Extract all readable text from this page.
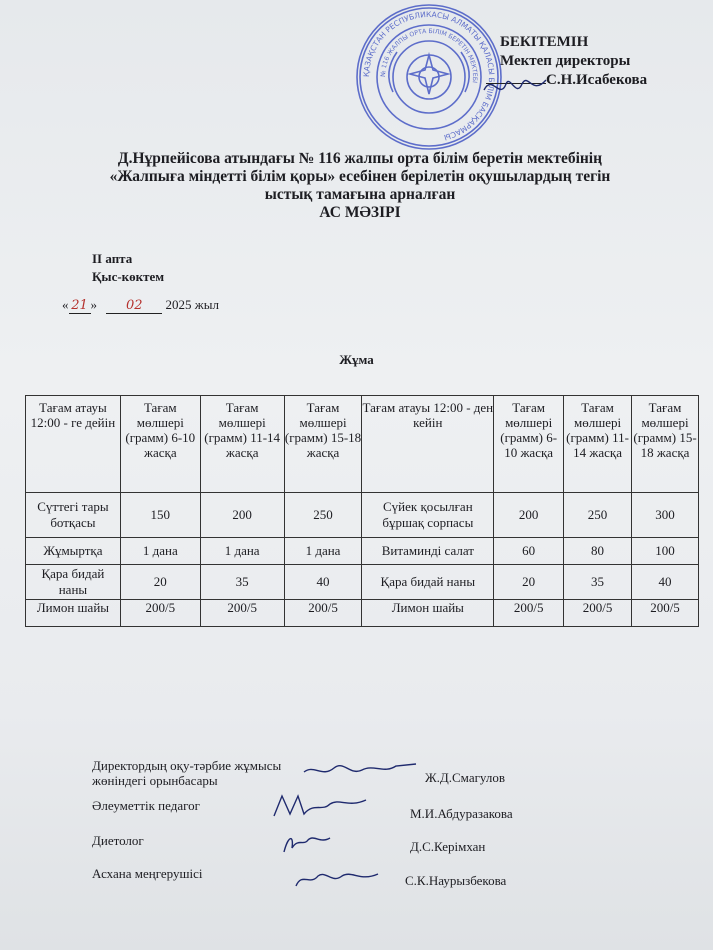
ҚАЗАҚСТАН РЕСПУБЛИКАСЫ АЛМАТЫ ҚАЛАСЫ БІЛІМ БАСҚАРМАСЫ
№ 116 ЖАЛПЫ ОРТА БІЛІМ БЕРЕТІН МЕКТЕБІ
БЕКІТЕМІН
Мектеп директоры
С.Н.Исабекова
Д.Нұрпейісова атындағы № 116 жалпы орта білім беретін мектебінің
«Жалпыға міндетті білім қоры» есебінен берілетін оқушылардың тегін
ыстық тамағына арналған
АС МӘЗІРІ
ІІ апта
Қыс-көктем
« 21 » 02 2025 жыл
Жұма
Тағам атауы 12:00 - ге дейін	Тағам мөлшері (грамм) 6-10 жасқа	Тағам мөлшері (грамм) 11-14 жасқа	Тағам мөлшері (грамм) 15-18 жасқа	Тағам атауы 12:00 - ден кейін	Тағам мөлшері (грамм) 6-10 жасқа	Тағам мөлшері (грамм) 11-14 жасқа	Тағам мөлшері (грамм) 15-18 жасқа
Сүттегі тары ботқасы	150	200	250	Сүйек қосылған бұршақ сорпасы	200	250	300
Жұмыртқа	1 дана	1 дана	1 дана	Витаминді салат	60	80	100
Қара бидай наны	20	35	40	Қара бидай наны	20	35	40
Лимон шайы	200/5	200/5	200/5	Лимон шайы	200/5	200/5	200/5
Директордың оқу-тәрбие жұмысы жөніндегі орынбасары	Ж.Д.Смагулов
Әлеуметтік педагог
М.И.Абдуразакова
Диетолог	Д.С.Керімхан
Асхана меңгерушісі	С.К.Наурызбекова
